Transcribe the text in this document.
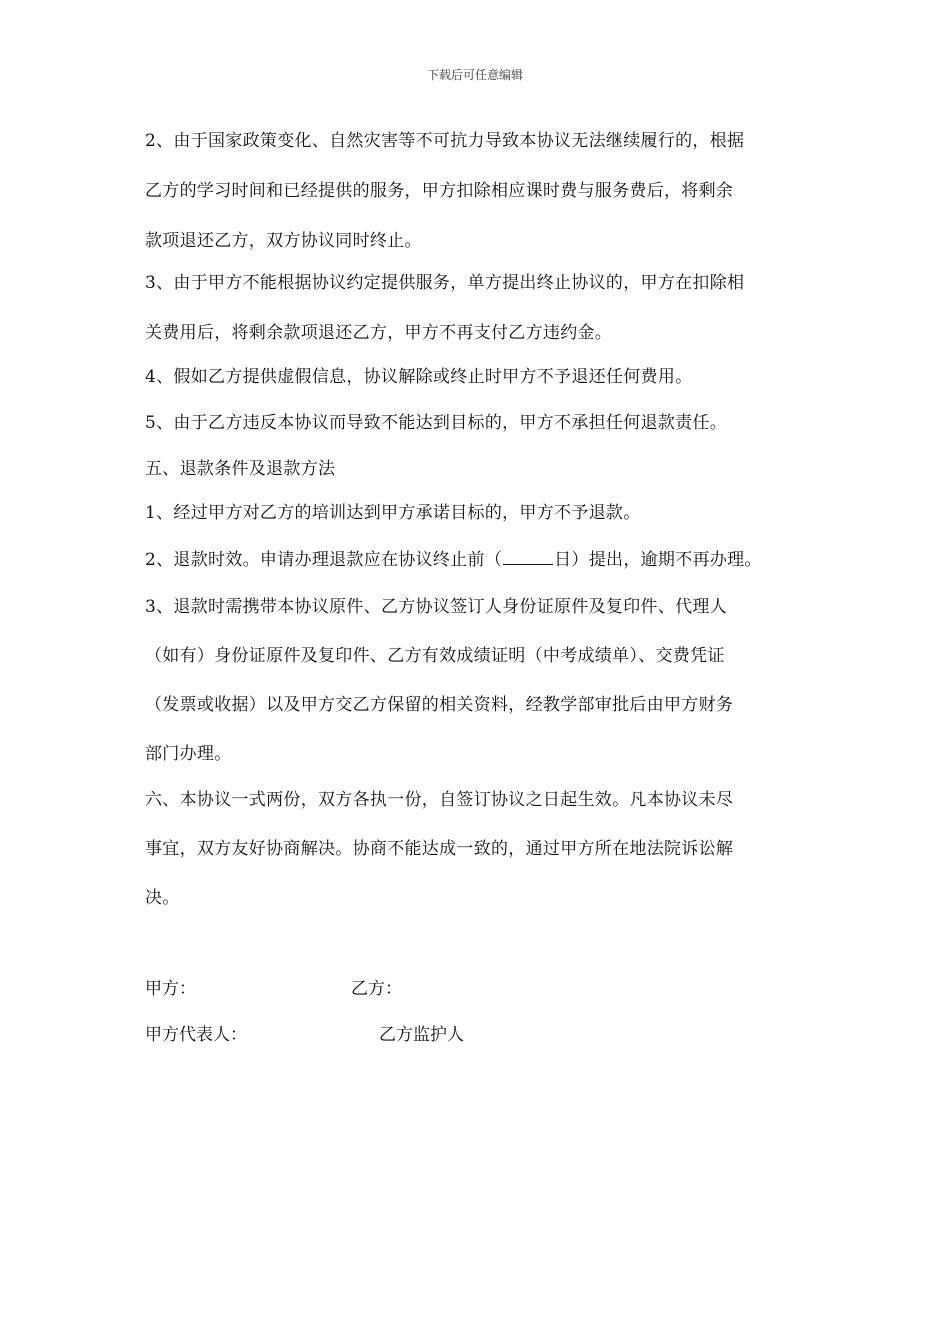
下载后可任意编辑
2、由于国家政策变化、自然灾害等不可抗力导致本协议无法继续履行的，根据
乙方的学习时间和已经提供的服务，甲方扣除相应课时费与服务费后，将剩余
款项退还乙方，双方协议同时终止。
3、由于甲方不能根据协议约定提供服务，单方提出终止协议的，甲方在扣除相
关费用后，将剩余款项退还乙方，甲方不再支付乙方违约金。
4、假如乙方提供虚假信息，协议解除或终止时甲方不予退还任何费用。
5、由于乙方违反本协议而导致不能达到目标的，甲方不承担任何退款责任。
五、退款条件及退款方法
1、经过甲方对乙方的培训达到甲方承诺目标的，甲方不予退款。
2、退款时效。申请办理退款应在协议终止前（	日）提出，逾期不再办理。
3、退款时需携带本协议原件、乙方协议签订人身份证原件及复印件、代理人
（如有）身份证原件及复印件、乙方有效成绩证明（中考成绩单）、交费凭证
（发票或收据）以及甲方交乙方保留的相关资料，经教学部审批后由甲方财务
部门办理。
六、本协议一式两份，双方各执一份，自签订协议之日起生效。凡本协议未尽
事宜，双方友好协商解决。协商不能达成一致的，通过甲方所在地法院诉讼解
决。
甲方：	乙方：
甲方代表人：	乙方监护人
